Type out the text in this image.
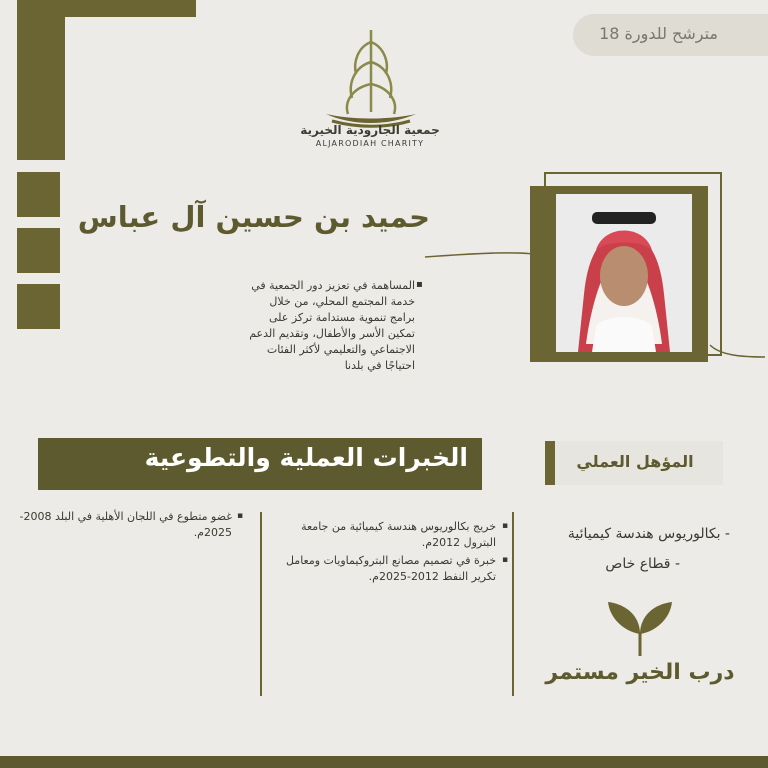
مترشح للدورة 18
جمعية الجارودية الخيرية
ALJARODIAH CHARITY
حميد بن حسين آل عباس
▪
المساهمة في تعزيز دور الجمعية في خدمة المجتمع المحلي، من خلال برامج تنموية مستدامة تركز على تمكين الأسر والأطفال، وتقديم الدعم الاجتماعي والتعليمي لأكثر الفئات احتياجًا في بلدنا
الخبرات العملية والتطوعية	المؤهل العملي
▪
غضو متطوع في اللجان الأهلية في البلد 2008-2025م.	▪
خريج بكالوريوس هندسة كيميائية من جامعة البترول 2012م.
▪
خبرة في تصميم مصانع البتروكيماويات ومعامل تكرير النفط 2012-2025م.
- بكالوريوس هندسة كيميائية
- قطاع خاص
درب الخير مستمر
